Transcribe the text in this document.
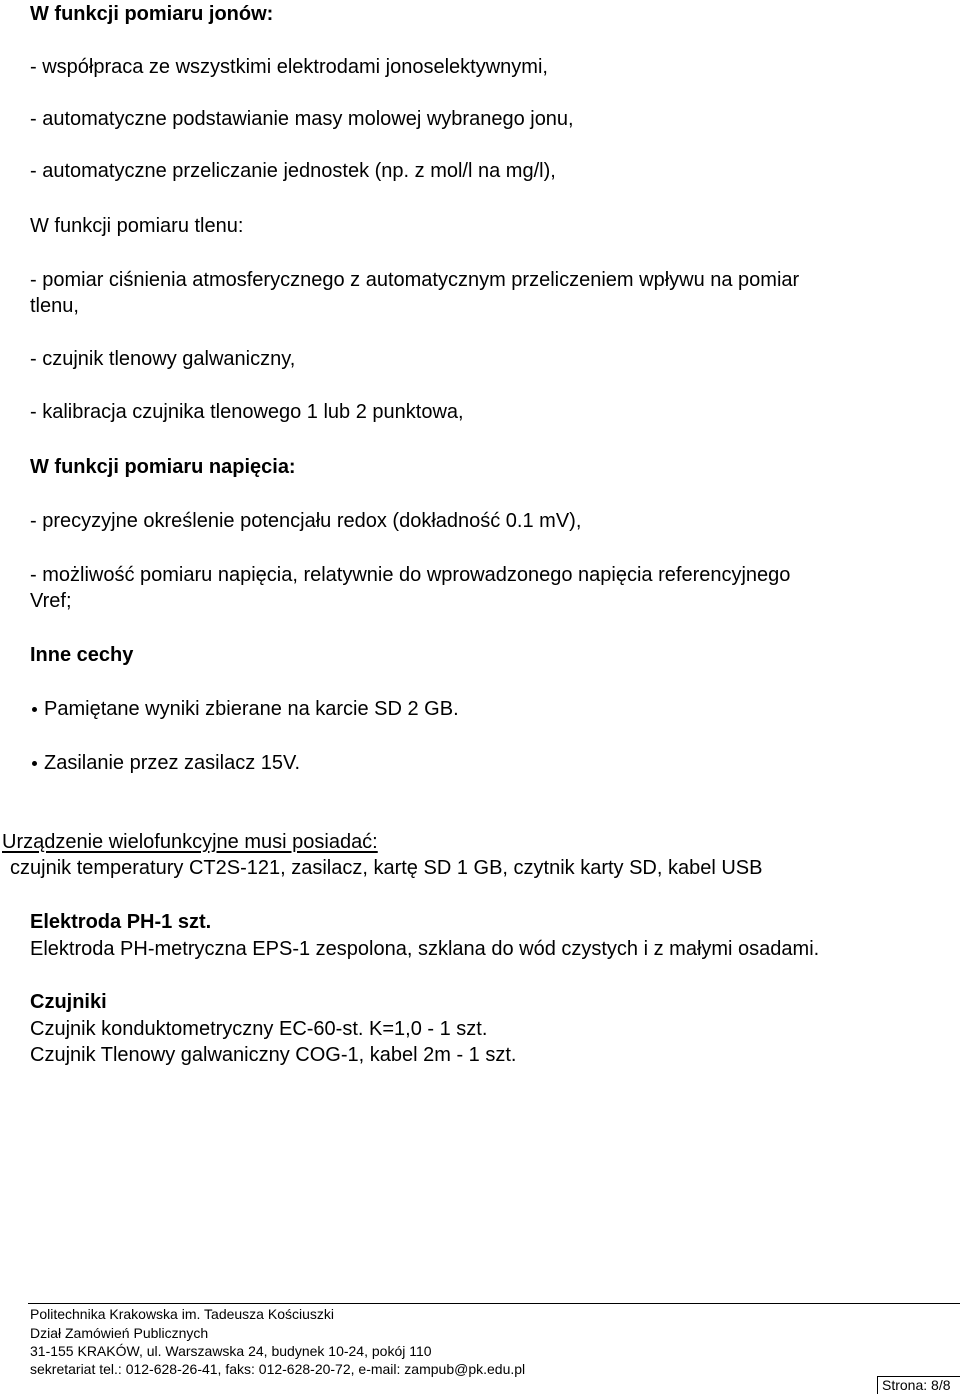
W funkcji pomiaru jonów:
- współpraca ze wszystkimi elektrodami jonoselektywnymi,
- automatyczne podstawianie masy molowej wybranego jonu,
- automatyczne przeliczanie jednostek (np. z mol/l na mg/l),
W funkcji pomiaru tlenu:
- pomiar ciśnienia atmosferycznego z automatycznym przeliczeniem wpływu na pomiar
tlenu,
- czujnik tlenowy galwaniczny,
- kalibracja czujnika tlenowego 1 lub 2 punktowa,
W funkcji pomiaru napięcia:
- precyzyjne określenie potencjału redox (dokładność 0.1 mV),
- możliwość pomiaru napięcia, relatywnie do wprowadzonego napięcia referencyjnego
Vref;
Inne cechy
Pamiętane wyniki zbierane na karcie SD 2 GB.
Zasilanie przez zasilacz 15V.
Urządzenie wielofunkcyjne musi posiadać:
czujnik temperatury CT2S-121, zasilacz, kartę SD 1 GB, czytnik karty SD, kabel USB
Elektroda PH-1 szt.
Elektroda PH-metryczna EPS-1 zespolona, szklana do wód czystych i z małymi osadami.
Czujniki
Czujnik konduktometryczny EC-60-st. K=1,0 - 1 szt.
Czujnik Tlenowy galwaniczny COG-1, kabel 2m - 1 szt.
Politechnika Krakowska im. Tadeusza Kościuszki
Dział Zamówień Publicznych
31-155 KRAKÓW, ul. Warszawska 24, budynek 10-24, pokój 110
sekretariat tel.: 012-628-26-41, faks: 012-628-20-72, e-mail: zampub@pk.edu.pl
Strona: 8/8
